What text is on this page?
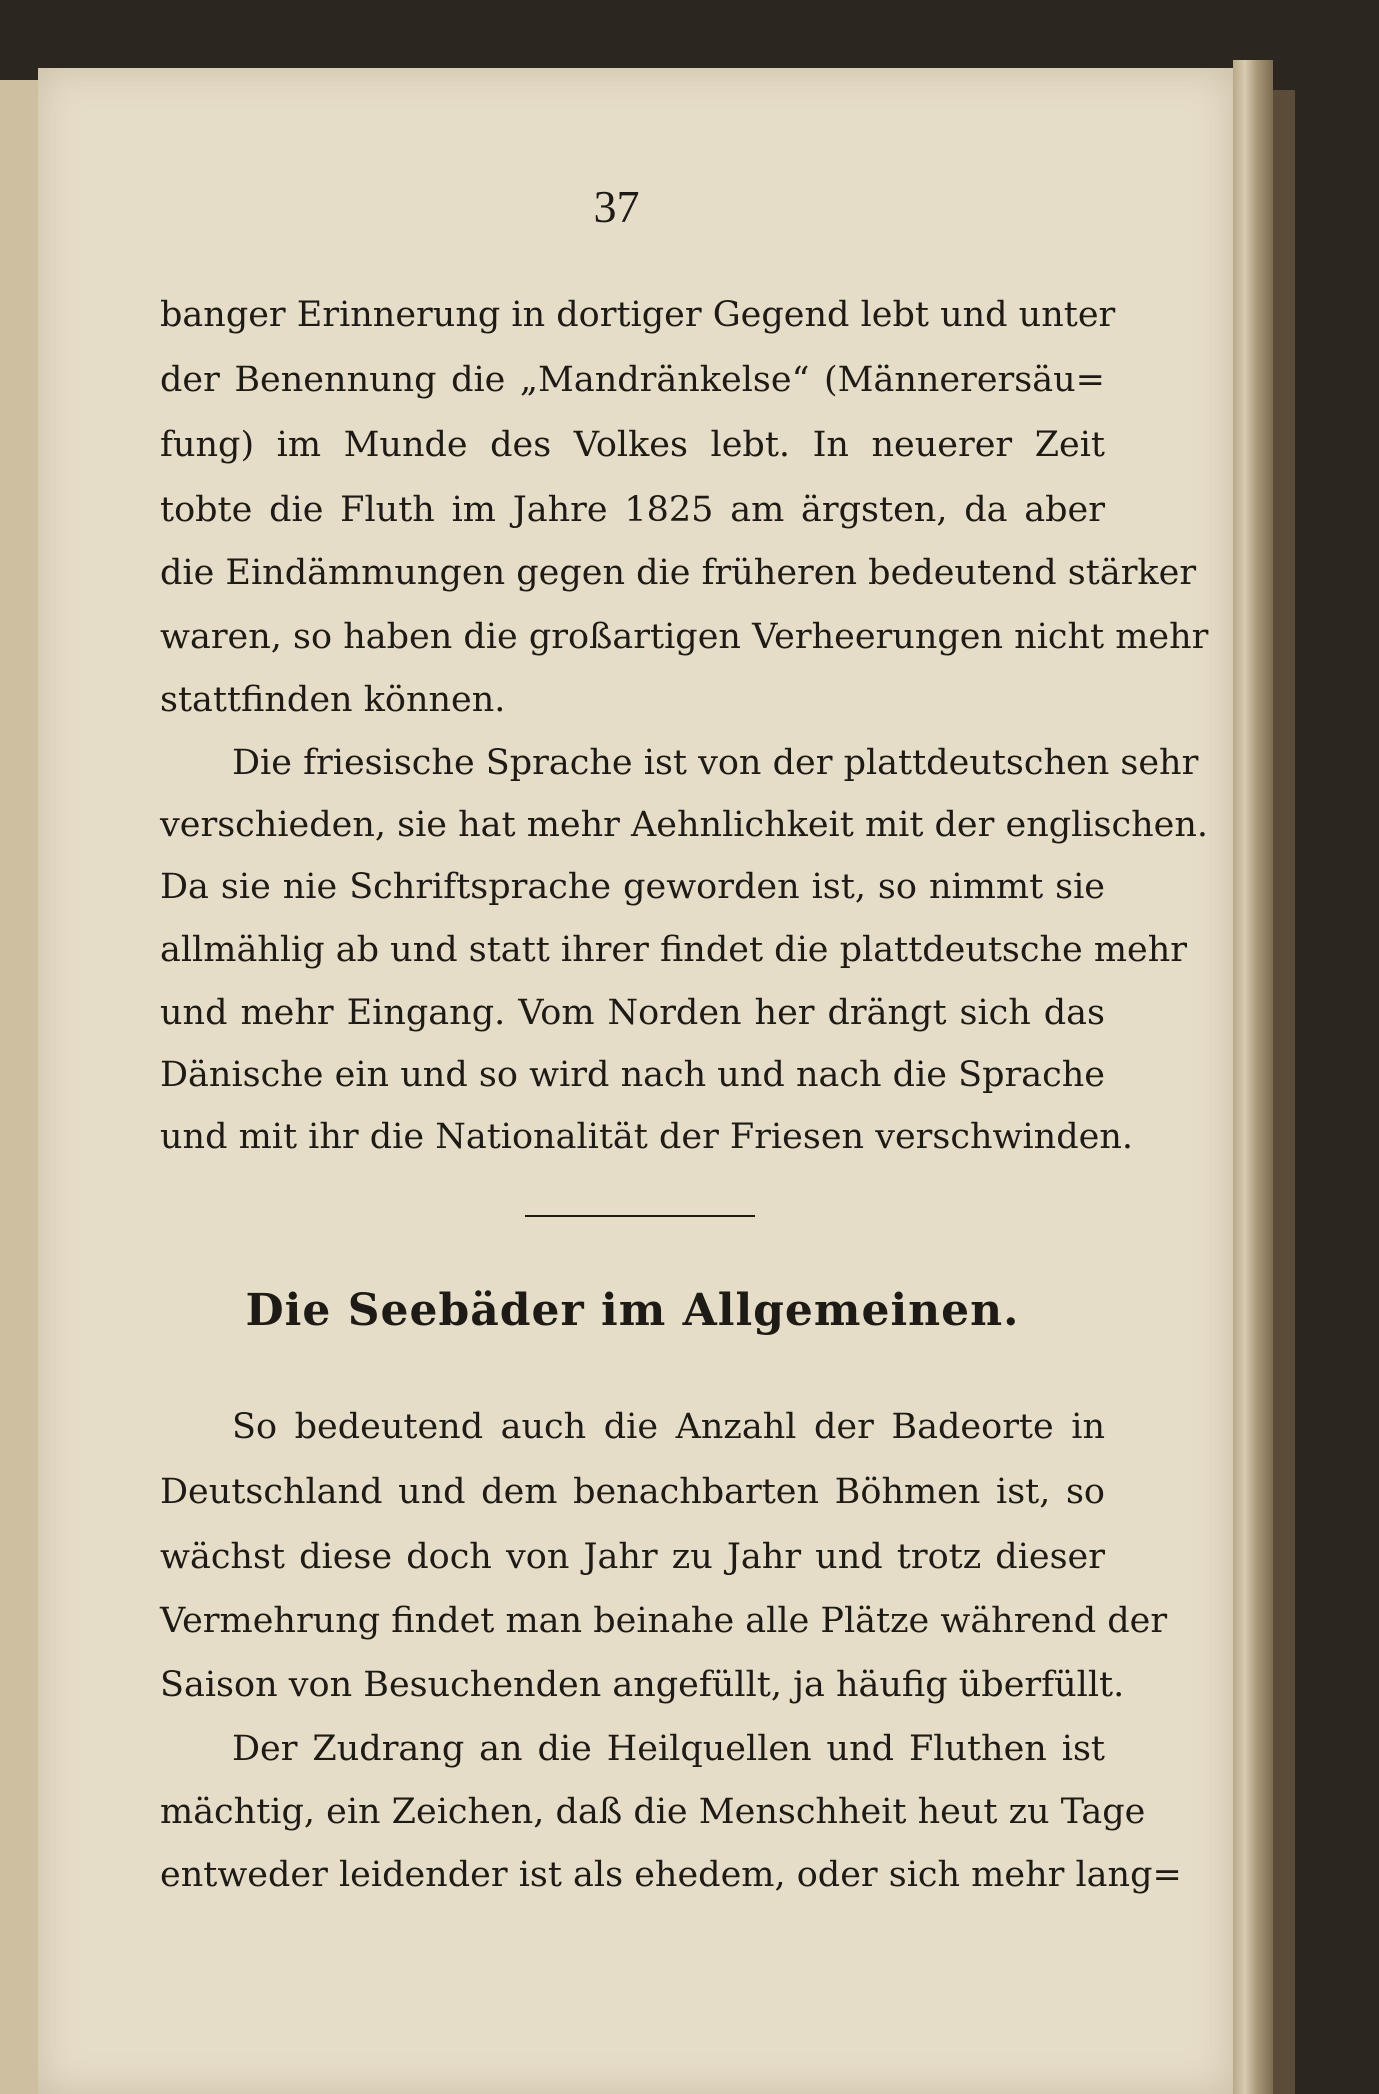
37
banger Erinnerung in dortiger Gegend lebt und unter
der Benennung die „Mandränkelse“ (Männerersäu=
fung) im Munde des Volkes lebt. In neuerer Zeit
tobte die Fluth im Jahre 1825 am ärgsten, da aber
die Eindämmungen gegen die früheren bedeutend stärker
waren, so haben die großartigen Verheerungen nicht mehr
stattfinden können.
Die friesische Sprache ist von der plattdeutschen sehr
verschieden, sie hat mehr Aehnlichkeit mit der englischen.
Da sie nie Schriftsprache geworden ist, so nimmt sie
allmählig ab und statt ihrer findet die plattdeutsche mehr
und mehr Eingang. Vom Norden her drängt sich das
Dänische ein und so wird nach und nach die Sprache
und mit ihr die Nationalität der Friesen verschwinden.
Die Seebäder im Allgemeinen.
So bedeutend auch die Anzahl der Badeorte in
Deutschland und dem benachbarten Böhmen ist, so
wächst diese doch von Jahr zu Jahr und trotz dieser
Vermehrung findet man beinahe alle Plätze während der
Saison von Besuchenden angefüllt, ja häufig überfüllt.
Der Zudrang an die Heilquellen und Fluthen ist
mächtig, ein Zeichen, daß die Menschheit heut zu Tage
entweder leidender ist als ehedem, oder sich mehr lang=
